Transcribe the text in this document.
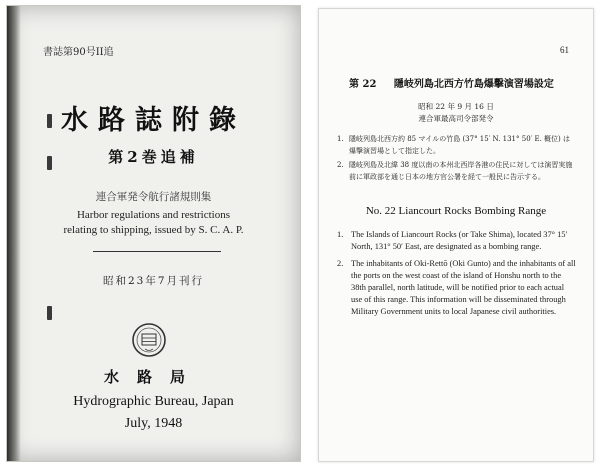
書誌第90号II追
水路誌附錄
第2巻追補
連合軍発令航行諸規則集
Harbor regulations and restrictions
relating to shipping, issued by S. C. A. P.
昭和23年7月刊行
水路局
Hydrographic Bureau, Japan
July, 1948
61
第 22 隱岐列島北西方竹島爆擊演習場設定
昭和 22 年 9 月 16 日
連合軍最高司令部発令
1. 隱岐列島北西方約 85 マイルの竹島 (37° 15′ N. 131° 50′ E. 概位) は爆撃演習場として指定した。
2. 隱岐列島及北緯 38 度以南の本州北西岸各港の住民に対しては演習実施前に軍政部を通じ日本の地方官公署を経て一般民に告示する。
No. 22 Liancourt Rocks Bombing Range
1. The Islands of Liancourt Rocks (or Take Shima), located 37° 15′ North, 131° 50′ East, are designated as a bombing range.
2. The inhabitants of Oki-Rettō (Oki Gunto) and the inhabitants of all the ports on the west coast of the island of Honshu north to the 38th parallel, north latitude, will be notified prior to each actual use of this range. This information will be disseminated through Military Government units to local Japanese civil authorities.
